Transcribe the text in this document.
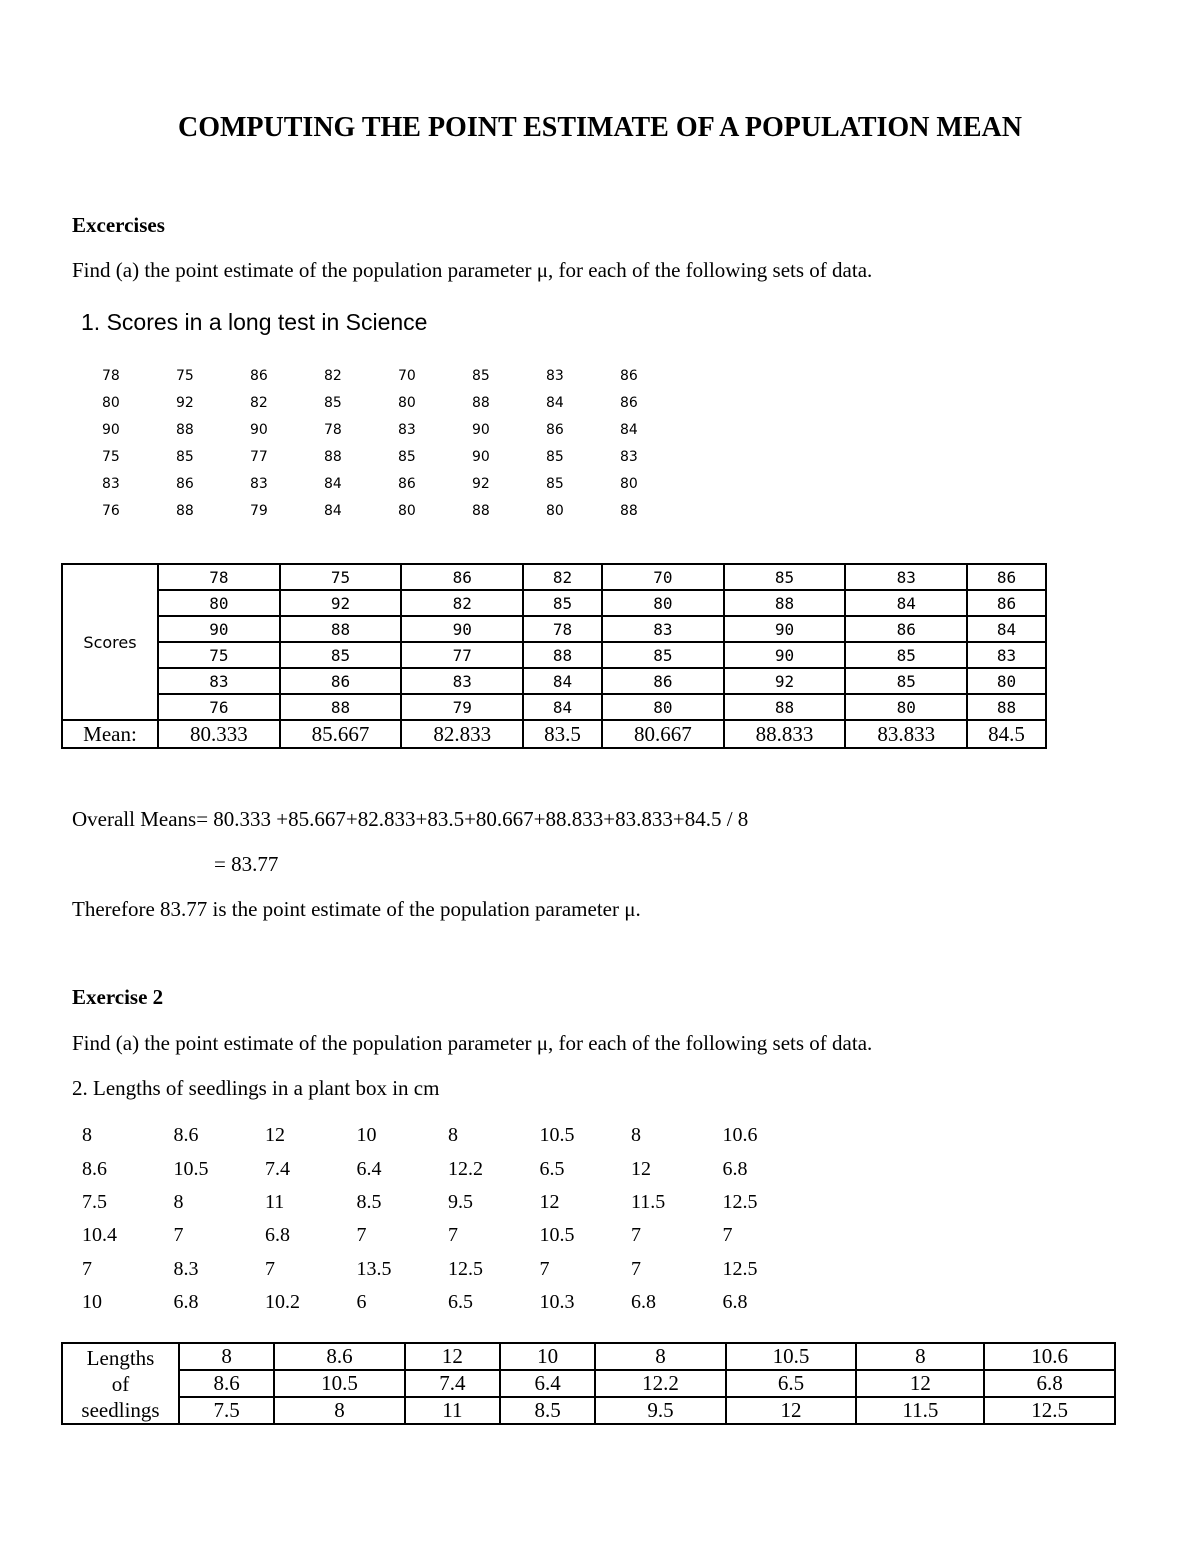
COMPUTING THE POINT ESTIMATE OF A POPULATION MEAN
Excercises
Find (a) the point estimate of the population parameter μ, for each of the following sets of data.
1. Scores in a long test in Science
78	75	86	82	70	85	83	86
80	92	82	85	80	88	84	86
90	88	90	78	83	90	86	84
75	85	77	88	85	90	85	83
83	86	83	84	86	92	85	80
76	88	79	84	80	88	80	88
Scores	78	75	86	82	70	85	83	86
	80	92	82	85	80	88	84	86
	90	88	90	78	83	90	86	84
	75	85	77	88	85	90	85	83
	83	86	83	84	86	92	85	80
	76	88	79	84	80	88	80	88
Mean:	80.333	85.667	82.833	83.5	80.667	88.833	83.833	84.5
Overall Means= 80.333 +85.667+82.833+83.5+80.667+88.833+83.833+84.5 / 8
= 83.77
Therefore 83.77 is the point estimate of the population parameter μ.
Exercise 2
Find (a) the point estimate of the population parameter μ, for each of the following sets of data.
2. Lengths of seedlings in a plant box in cm
8	8.6	12	10	8	10.5	8	10.6
8.6	10.5	7.4	6.4	12.2	6.5	12	6.8
7.5	8	11	8.5	9.5	12	11.5	12.5
10.4	7	6.8	7	7	10.5	7	7
7	8.3	7	13.5	12.5	7	7	12.5
10	6.8	10.2	6	6.5	10.3	6.8	6.8
Lengths
of
seedlings	8	8.6	12	10	8	10.5	8	10.6
	8.6	10.5	7.4	6.4	12.2	6.5	12	6.8
	7.5	8	11	8.5	9.5	12	11.5	12.5
